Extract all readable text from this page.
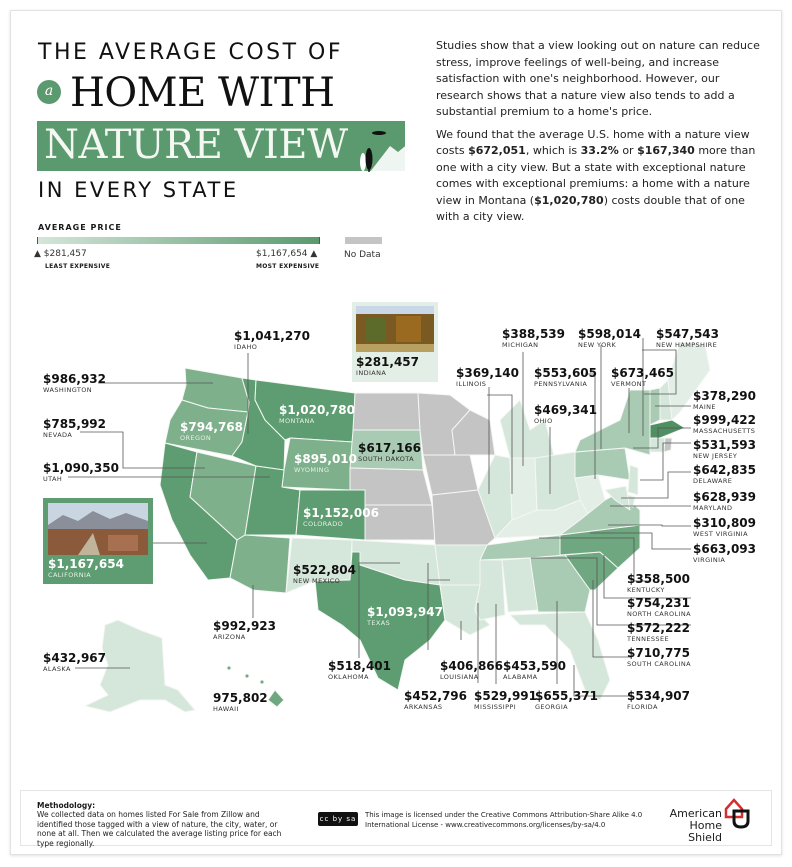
THE AVERAGE COST OF
a HOME WITH
NATURE VIEW
IN EVERY STATE
AVERAGE PRICE
▲ $281,457
LEAST EXPENSIVE
$1,167,654 ▲
MOST EXPENSIVE
No Data

Studies show that a view looking out on nature can reduce stress, improve feelings of well-being, and increase satisfaction with one's neighborhood. However, our research shows that a nature view also tends to add a substantial premium to a home's price.

We found that the average U.S. home with a nature view costs $672,051, which is 33.2% or $167,340 more than one with a city view. But a state with exceptional nature comes with exceptional premiums: a home with a nature view in Montana ($1,020,780) costs double that of one with a city view.

$281,457
INDIANA
$1,167,654
CALIFORNIA
$1,041,270
IDAHO
$986,932
WASHINGTON
$785,992
NEVADA
$1,090,350
UTAH
$794,768
OREGON
$1,020,780
MONTANA
$895,010
WYOMING
$1,152,006
COLORADO
$617,166
SOUTH DAKOTA
$522,804
NEW MEXICO
$1,093,947
TEXAS
$992,923
ARIZONA
$432,967
ALASKA
975,802
HAWAII
$518,401
OKLAHOMA
$388,539
MICHIGAN
$369,140
ILLINOIS
$553,605
PENNSYLVANIA
$469,341
OHIO
$598,014
NEW YORK
$673,465
VERMONT
$547,543
NEW HAMPSHIRE
$378,290
MAINE
$999,422
MASSACHUSETTS
$531,593
NEW JERSEY
$642,835
DELAWARE
$628,939
MARYLAND
$310,809
WEST VIRGINIA
$663,093
VIRGINIA
$358,500
KENTUCKY
$754,231
NORTH CAROLINA
$572,222
TENNESSEE
$710,775
SOUTH CAROLINA
$534,907
FLORIDA
$655,371
GEORGIA
$529,991
MISSISSIPPI
$453,590
ALABAMA
$406,866
LOUISIANA
$452,796
ARKANSAS
Methodology:
We collected data on homes listed For Sale from Zillow and identified those tagged with a view of nature, the city, water, or none at all. Then we calculated the average listing price for each type regionally.
cc by sa This image is licensed under the Creative Commons Attribution-Share Alike 4.0
International License - www.creativecommons.org/licenses/by-sa/4.0
American
Home Shield
